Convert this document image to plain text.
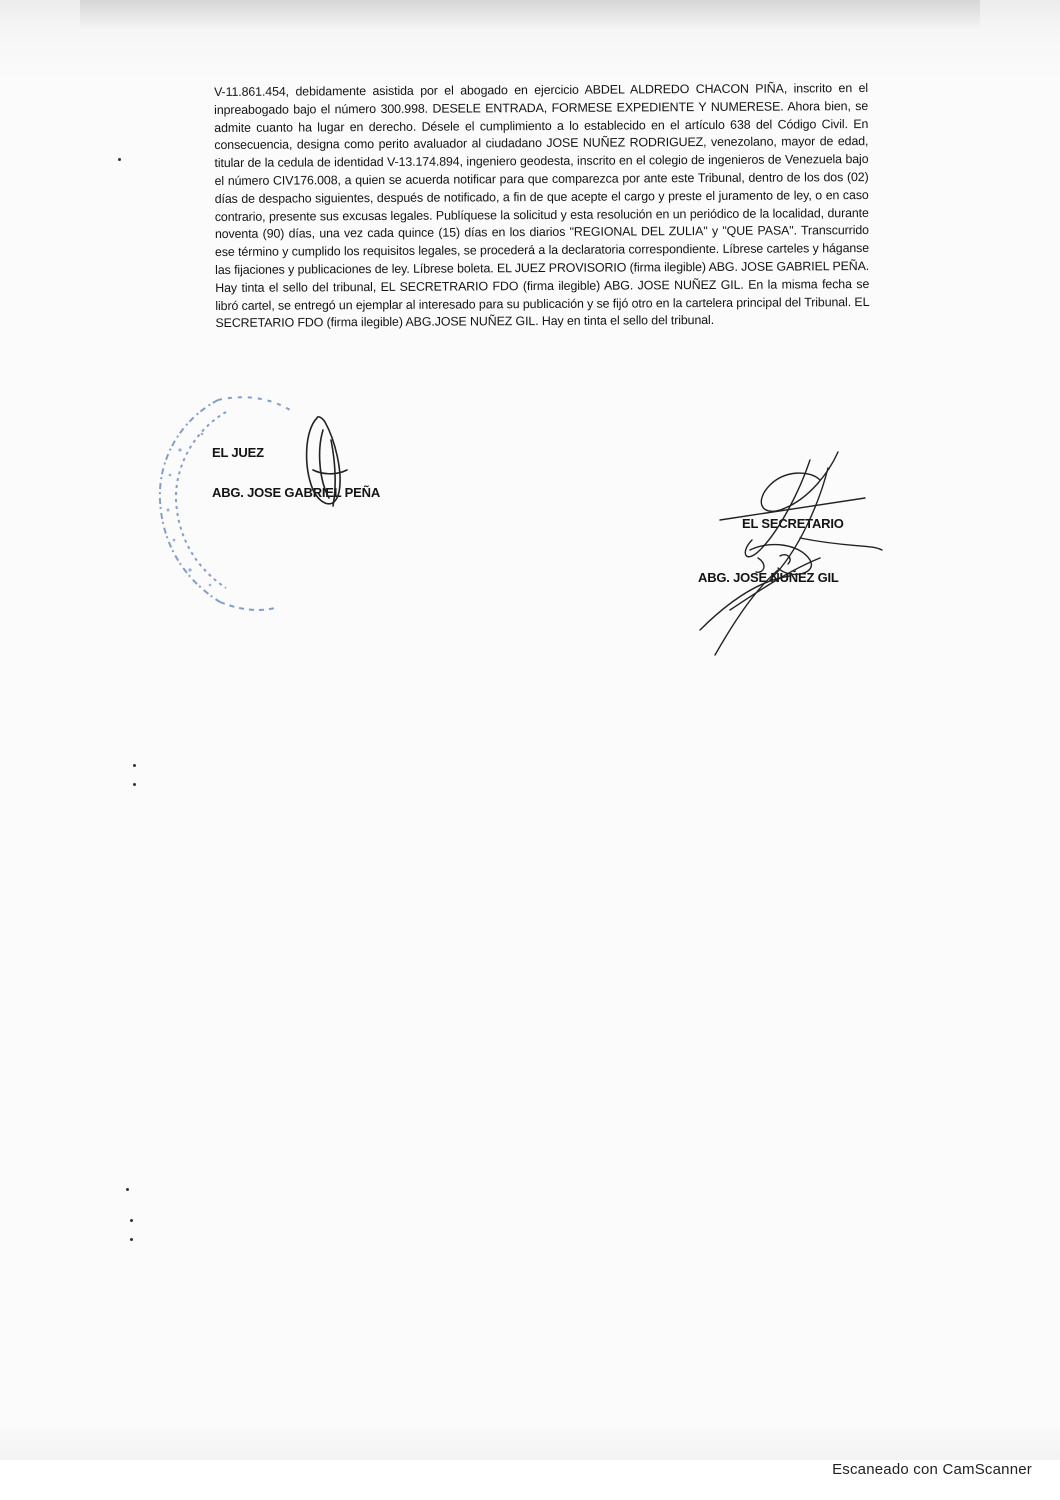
V-11.861.454, debidamente asistida por el abogado en ejercicio ABDEL ALDREDO CHACON PIÑA, inscrito en el inpreabogado bajo el número 300.998. DESELE ENTRADA, FORMESE EXPEDIENTE Y NUMERESE. Ahora bien, se admite cuanto ha lugar en derecho. Désele el cumplimiento a lo establecido en el artículo 638 del Código Civil. En consecuencia, designa como perito avaluador al ciudadano JOSE NUÑEZ RODRIGUEZ, venezolano, mayor de edad, titular de la cedula de identidad V-13.174.894, ingeniero geodesta, inscrito en el colegio de ingenieros de Venezuela bajo el número CIV176.008, a quien se acuerda notificar para que comparezca por ante este Tribunal, dentro de los dos (02) días de despacho siguientes, después de notificado, a fin de que acepte el cargo y preste el juramento de ley, o en caso contrario, presente sus excusas legales. Publíquese la solicitud y esta resolución en un periódico de la localidad, durante noventa (90) días, una vez cada quince (15) días en los diarios "REGIONAL DEL ZULIA" y "QUE PASA". Transcurrido ese término y cumplido los requisitos legales, se procederá a la declaratoria correspondiente. Líbrese carteles y háganse las fijaciones y publicaciones de ley. Líbrese boleta. EL JUEZ PROVISORIO (firma ilegible) ABG. JOSE GABRIEL PEÑA. Hay tinta el sello del tribunal, EL SECRETRARIO FDO (firma ilegible) ABG. JOSE NUÑEZ GIL. En la misma fecha se libró cartel, se entregó un ejemplar al interesado para su publicación y se fijó otro en la cartelera principal del Tribunal. EL SECRETARIO FDO (firma ilegible) ABG.JOSE NUÑEZ GIL. Hay en tinta el sello del tribunal.

EL JUEZ
ABG. JOSE GABRIEL PEÑA
EL SECRETARIO
ABG. JOSE NUÑEZ GIL
Escaneado con CamScanner
